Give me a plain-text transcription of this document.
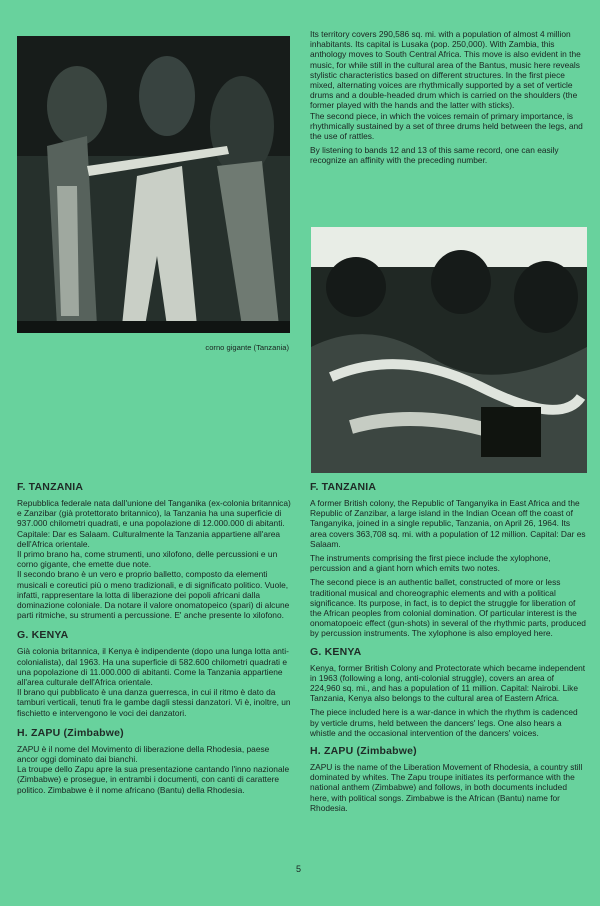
corno gigante (Tanzania)

Its territory covers 290,586 sq. mi. with a population of almost 4 million inhabitants. Its capital is Lusaka (pop. 250,000). With Zambia, this anthology moves to South Central Africa. This move is also evident in the music, for while still in the cultural area of the Bantus, music here reveals stylistic characteristics based on different structures. In the first piece mixed, alternating voices are rhythmically supported by a set of verticle drums and a double-headed drum which is carried on the shoulders (the former played with the hands and the latter with sticks).

The second piece, in which the voices remain of primary importance, is rhythmically sustained by a set of three drums held between the legs, and the use of rattles.

By listening to bands 12 and 13 of this same record, one can easily recognize an affinity with the preceding number.

F. TANZANIA

Repubblica federale nata dall'unione del Tanganika (ex-colonia britannica) e Zanzibar (già protettorato britannico), la Tanzania ha una superficie di 937.000 chilometri quadrati, e una popolazione di 12.000.000 di abitanti. Capitale: Dar es Salaam. Culturalmente la Tanzania appartiene all'area dell'Africa orientale.

Il primo brano ha, come strumenti, uno xilofono, delle percussioni e un corno gigante, che emette due note.

Il secondo brano è un vero e proprio balletto, composto da elementi musicali e coreutici più o meno tradizionali, e di significato politico. Vuole, infatti, rappresentare la lotta di liberazione dei popoli africani dalla dominazione coloniale. Da notare il valore onomatopeico (spari) di alcune parti ritmiche, su strumenti a percussione. E' anche presente lo xilofono.

G. KENYA

Già colonia britannica, il Kenya è indipendente (dopo una lunga lotta anti-colonialista), dal 1963. Ha una superficie di 582.600 chilometri quadrati e una popolazione di 11.000.000 di abitanti. Come la Tanzania appartiene all'area culturale dell'Africa orientale.

Il brano qui pubblicato è una danza guerresca, in cui il ritmo è dato da tamburi verticali, tenuti fra le gambe dagli stessi danzatori. Vi è, inoltre, un fischietto e intervengono le voci dei danzatori.

H. ZAPU (Zimbabwe)

ZAPU è il nome del Movimento di liberazione della Rhodesia, paese ancor oggi dominato dai bianchi.

La troupe dello Zapu apre la sua presentazione cantando l'inno nazionale (Zimbabwe) e prosegue, in entrambi i documenti, con canti di carattere politico. Zimbabwe è il nome africano (Bantu) della Rhodesia.

F. TANZANIA

A former British colony, the Republic of Tanganyika in East Africa and the Republic of Zanzibar, a large island in the Indian Ocean off the coast of Tanganyika, joined in a single republic, Tanzania, on April 26, 1964. Its area covers 363,708 sq. mi. with a population of 12 million. Capital: Dar es Salaam.

The instruments comprising the first piece include the xylophone, percussion and a giant horn which emits two notes.

The second piece is an authentic ballet, constructed of more or less traditional musical and choreographic elements and with a political significance. Its purpose, in fact, is to depict the struggle for liberation of the African peoples from colonial domination. Of particular interest is the onomatopoeic effect (gun-shots) in several of the rhythmic parts, produced by percussion instruments. The xylophone is also employed here.

G. KENYA

Kenya, former British Colony and Protectorate which became independent in 1963 (following a long, anti-colonial struggle), covers an area of 224,960 sq. mi., and has a population of 11 million. Capital: Nairobi. Like Tanzania, Kenya also belongs to the cultural area of Eastern Africa.

The piece included here is a war-dance in which the rhythm is cadenced by verticle drums, held between the dancers' legs. One also hears a whistle and the occasional intervention of the dancers' voices.

H. ZAPU (Zimbabwe)

ZAPU is the name of the Liberation Movement of Rhodesia, a country still dominated by whites. The Zapu troupe initiates its performance with the national anthem (Zimbabwe) and follows, in both documents included here, with political songs. Zimbabwe is the African (Bantu) name for Rhodesia.

5
